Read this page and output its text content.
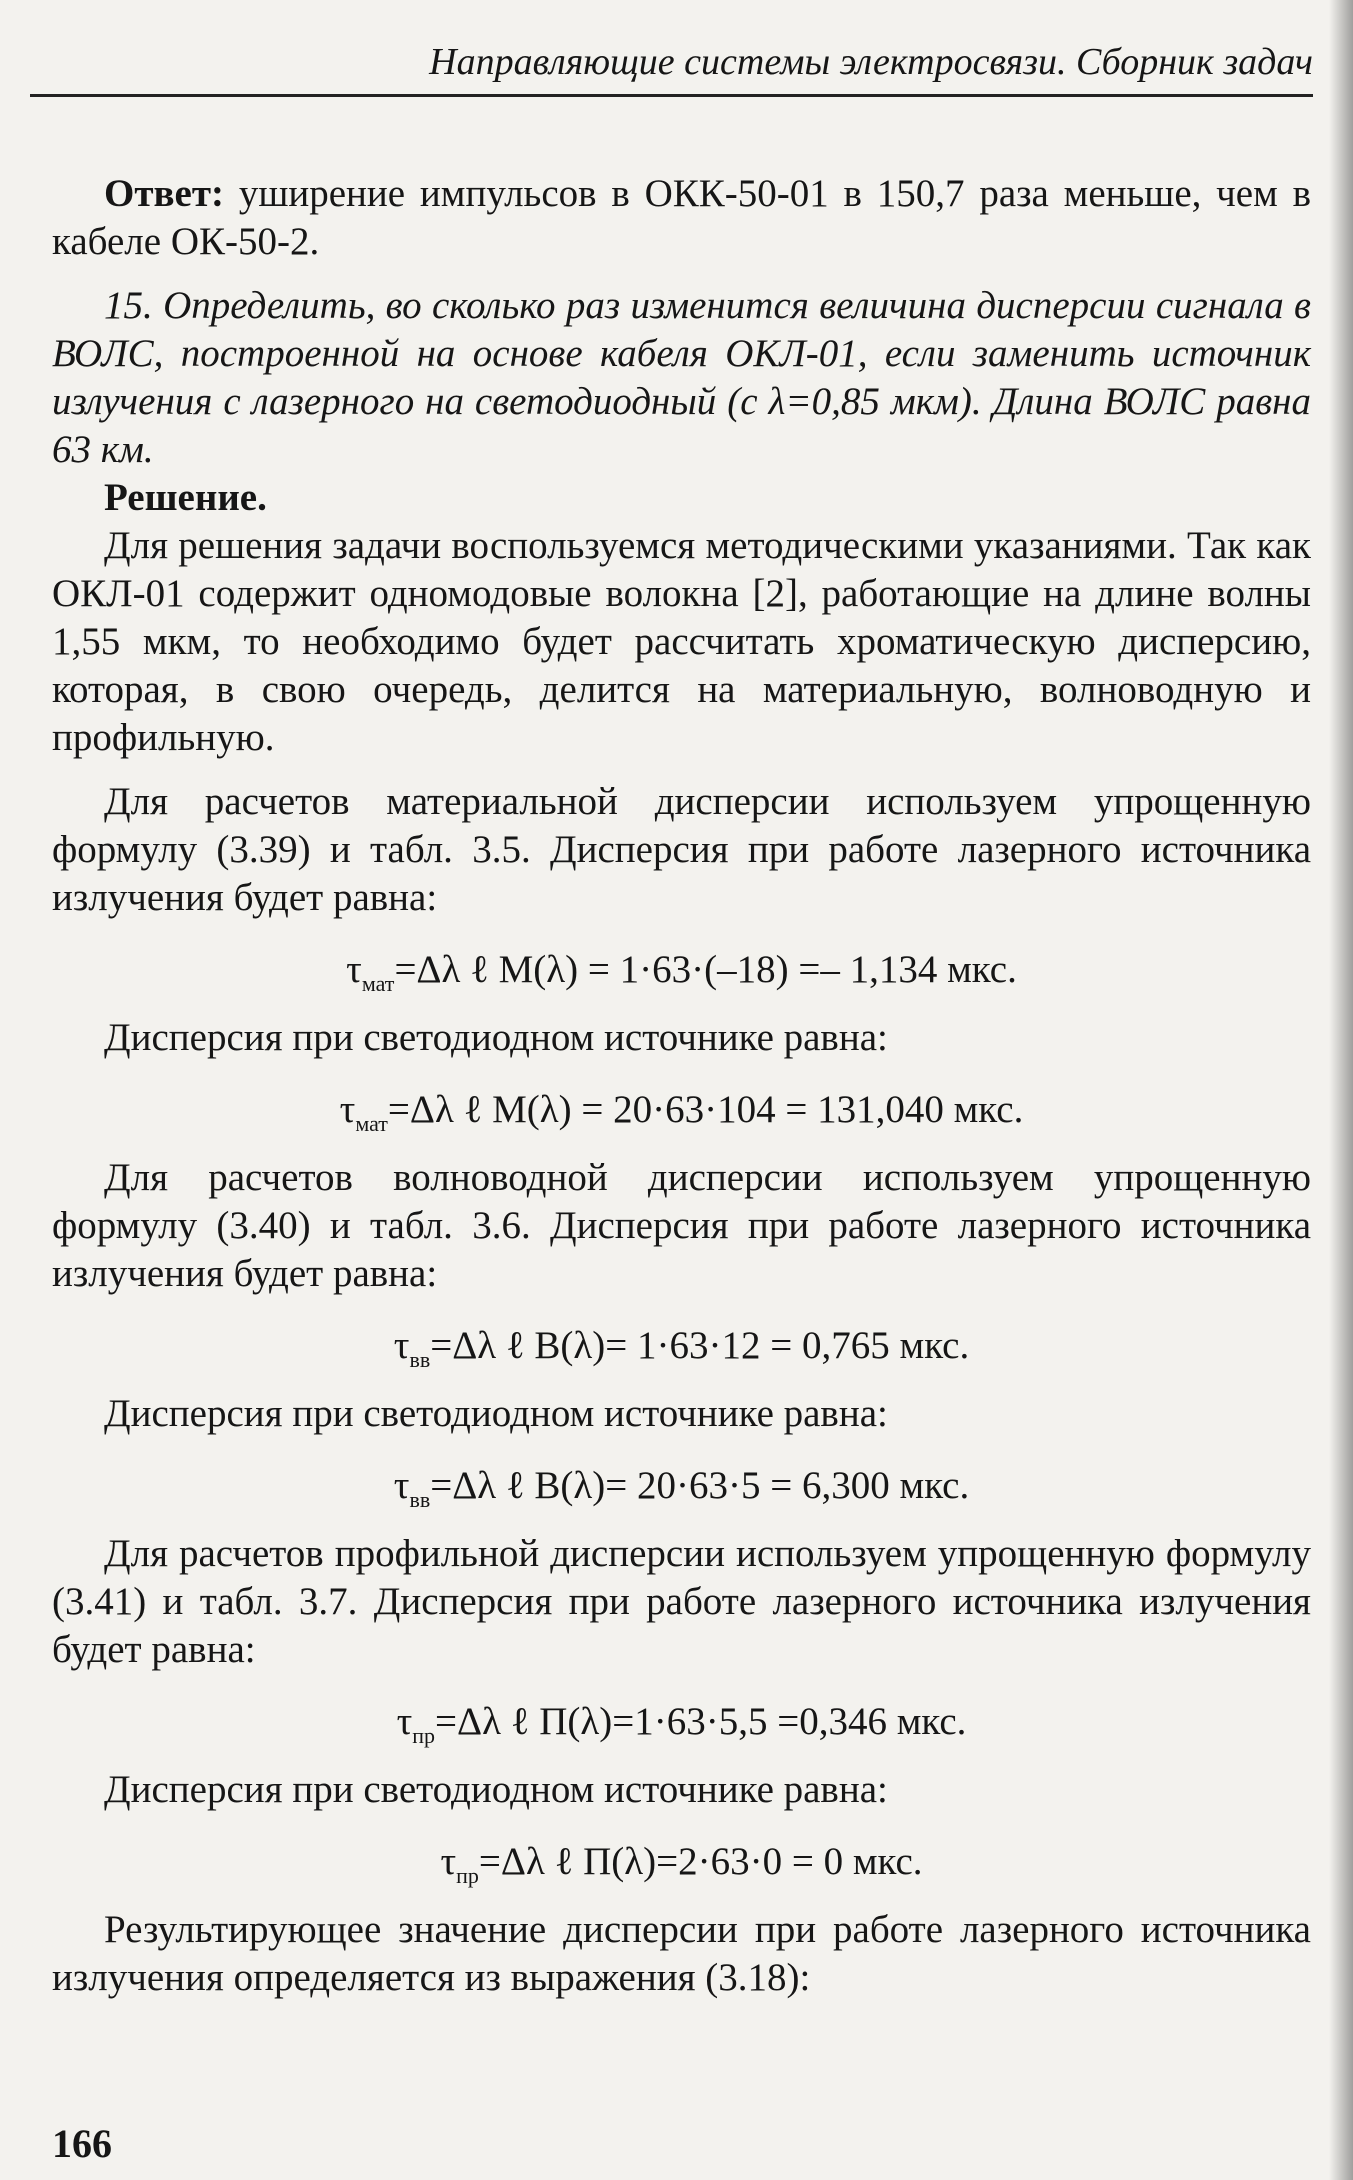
Направляющие системы электросвязи. Сборник задач

Ответ: уширение импульсов в ОКК-50-01 в 150,7 раза меньше, чем в кабеле ОК-50-2.

15. Определить, во сколько раз изменится величина дисперсии сигнала в ВОЛС, построенной на основе кабеля ОКЛ-01, если заменить источник излучения с лазерного на светодиодный (с λ=0,85 мкм). Длина ВОЛС равна 63 км.

Решение.

Для решения задачи воспользуемся методическими указаниями. Так как ОКЛ-01 содержит одномодовые волокна [2], работающие на длине волны 1,55 мкм, то необходимо будет рассчитать хроматическую дисперсию, которая, в свою очередь, делится на материальную, волноводную и профильную.

Для расчетов материальной дисперсии используем упрощенную формулу (3.39) и табл. 3.5. Дисперсия при работе лазерного источника излучения будет равна:

$\tau_{мат}=\Delta\lambda$ ℓ M(λ) = 1·63·(–18) =– 1,134 мкс.

Дисперсия при светодиодном источнике равна:

$\tau_{мат}=\Delta\lambda$ ℓ M(λ) = 20·63·104 = 131,040 мкс.

Для расчетов волноводной дисперсии используем упрощенную формулу (3.40) и табл. 3.6. Дисперсия при работе лазерного источника излучения будет равна:

$\tau_{вв}=\Delta\lambda$ ℓ B(λ)= 1·63·12 = 0,765 мкс.

Дисперсия при светодиодном источнике равна:

$\tau_{вв}=\Delta\lambda$ ℓ B(λ)= 20·63·5 = 6,300 мкс.

Для расчетов профильной дисперсии используем упрощенную формулу (3.41) и табл. 3.7. Дисперсия при работе лазерного источника излучения будет равна:

$\tau_{пр}=\Delta\lambda$ ℓ П(λ)=1·63·5,5 =0,346 мкс.

Дисперсия при светодиодном источнике равна:

$\tau_{пр}=\Delta\lambda$ ℓ П(λ)=2·63·0 = 0 мкс.

Результирующее значение дисперсии при работе лазерного источника излучения определяется из выражения (3.18):

166
